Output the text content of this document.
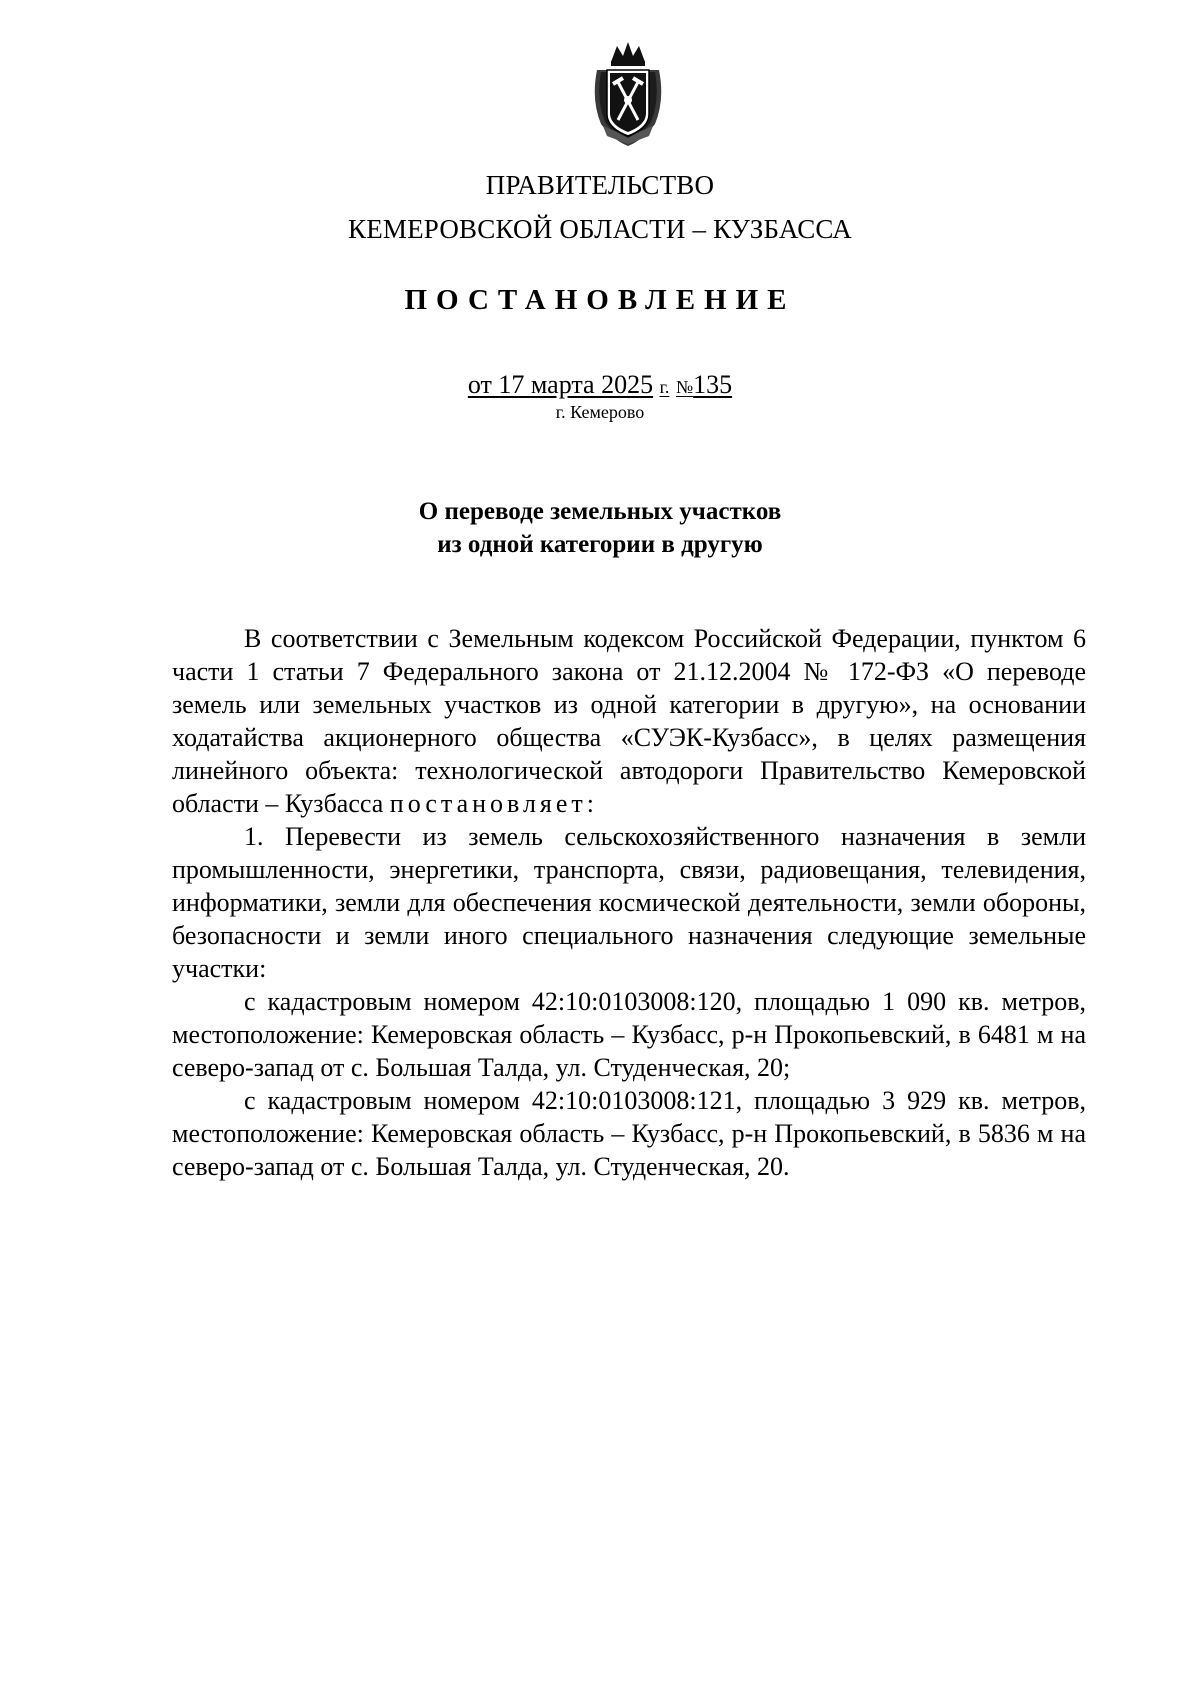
ПРАВИТЕЛЬСТВО
КЕМЕРОВСКОЙ ОБЛАСТИ – КУЗБАССА
ПОСТАНОВЛЕНИЕ
от 17 марта 2025 г. №135
г. Кемерово
О переводе земельных участков
из одной категории в другую

В соответствии с Земельным кодексом Российской Федерации, пунктом 6 части 1 статьи 7 Федерального закона от 21.12.2004 № 172-ФЗ «О переводе земель или земельных участков из одной категории в другую», на основании ходатайства акционерного общества «СУЭК-Кузбасс», в целях размещения линейного объекта: технологической автодороги Правительство Кемеровской области – Кузбасса постановляет:

1. Перевести из земель сельскохозяйственного назначения в земли промышленности, энергетики, транспорта, связи, радиовещания, телевидения, информатики, земли для обеспечения космической деятельности, земли обороны, безопасности и земли иного специального назначения следующие земельные участки:

с кадастровым номером 42:10:0103008:120, площадью 1 090 кв. метров, местоположение: Кемеровская область – Кузбасс, р-н Прокопьевский, в 6481 м на северо-запад от с. Большая Талда, ул. Студенческая, 20;

с кадастровым номером 42:10:0103008:121, площадью 3 929 кв. метров, местоположение: Кемеровская область – Кузбасс, р-н Прокопьевский, в 5836 м на северо-запад от с. Большая Талда, ул. Студенческая, 20.
